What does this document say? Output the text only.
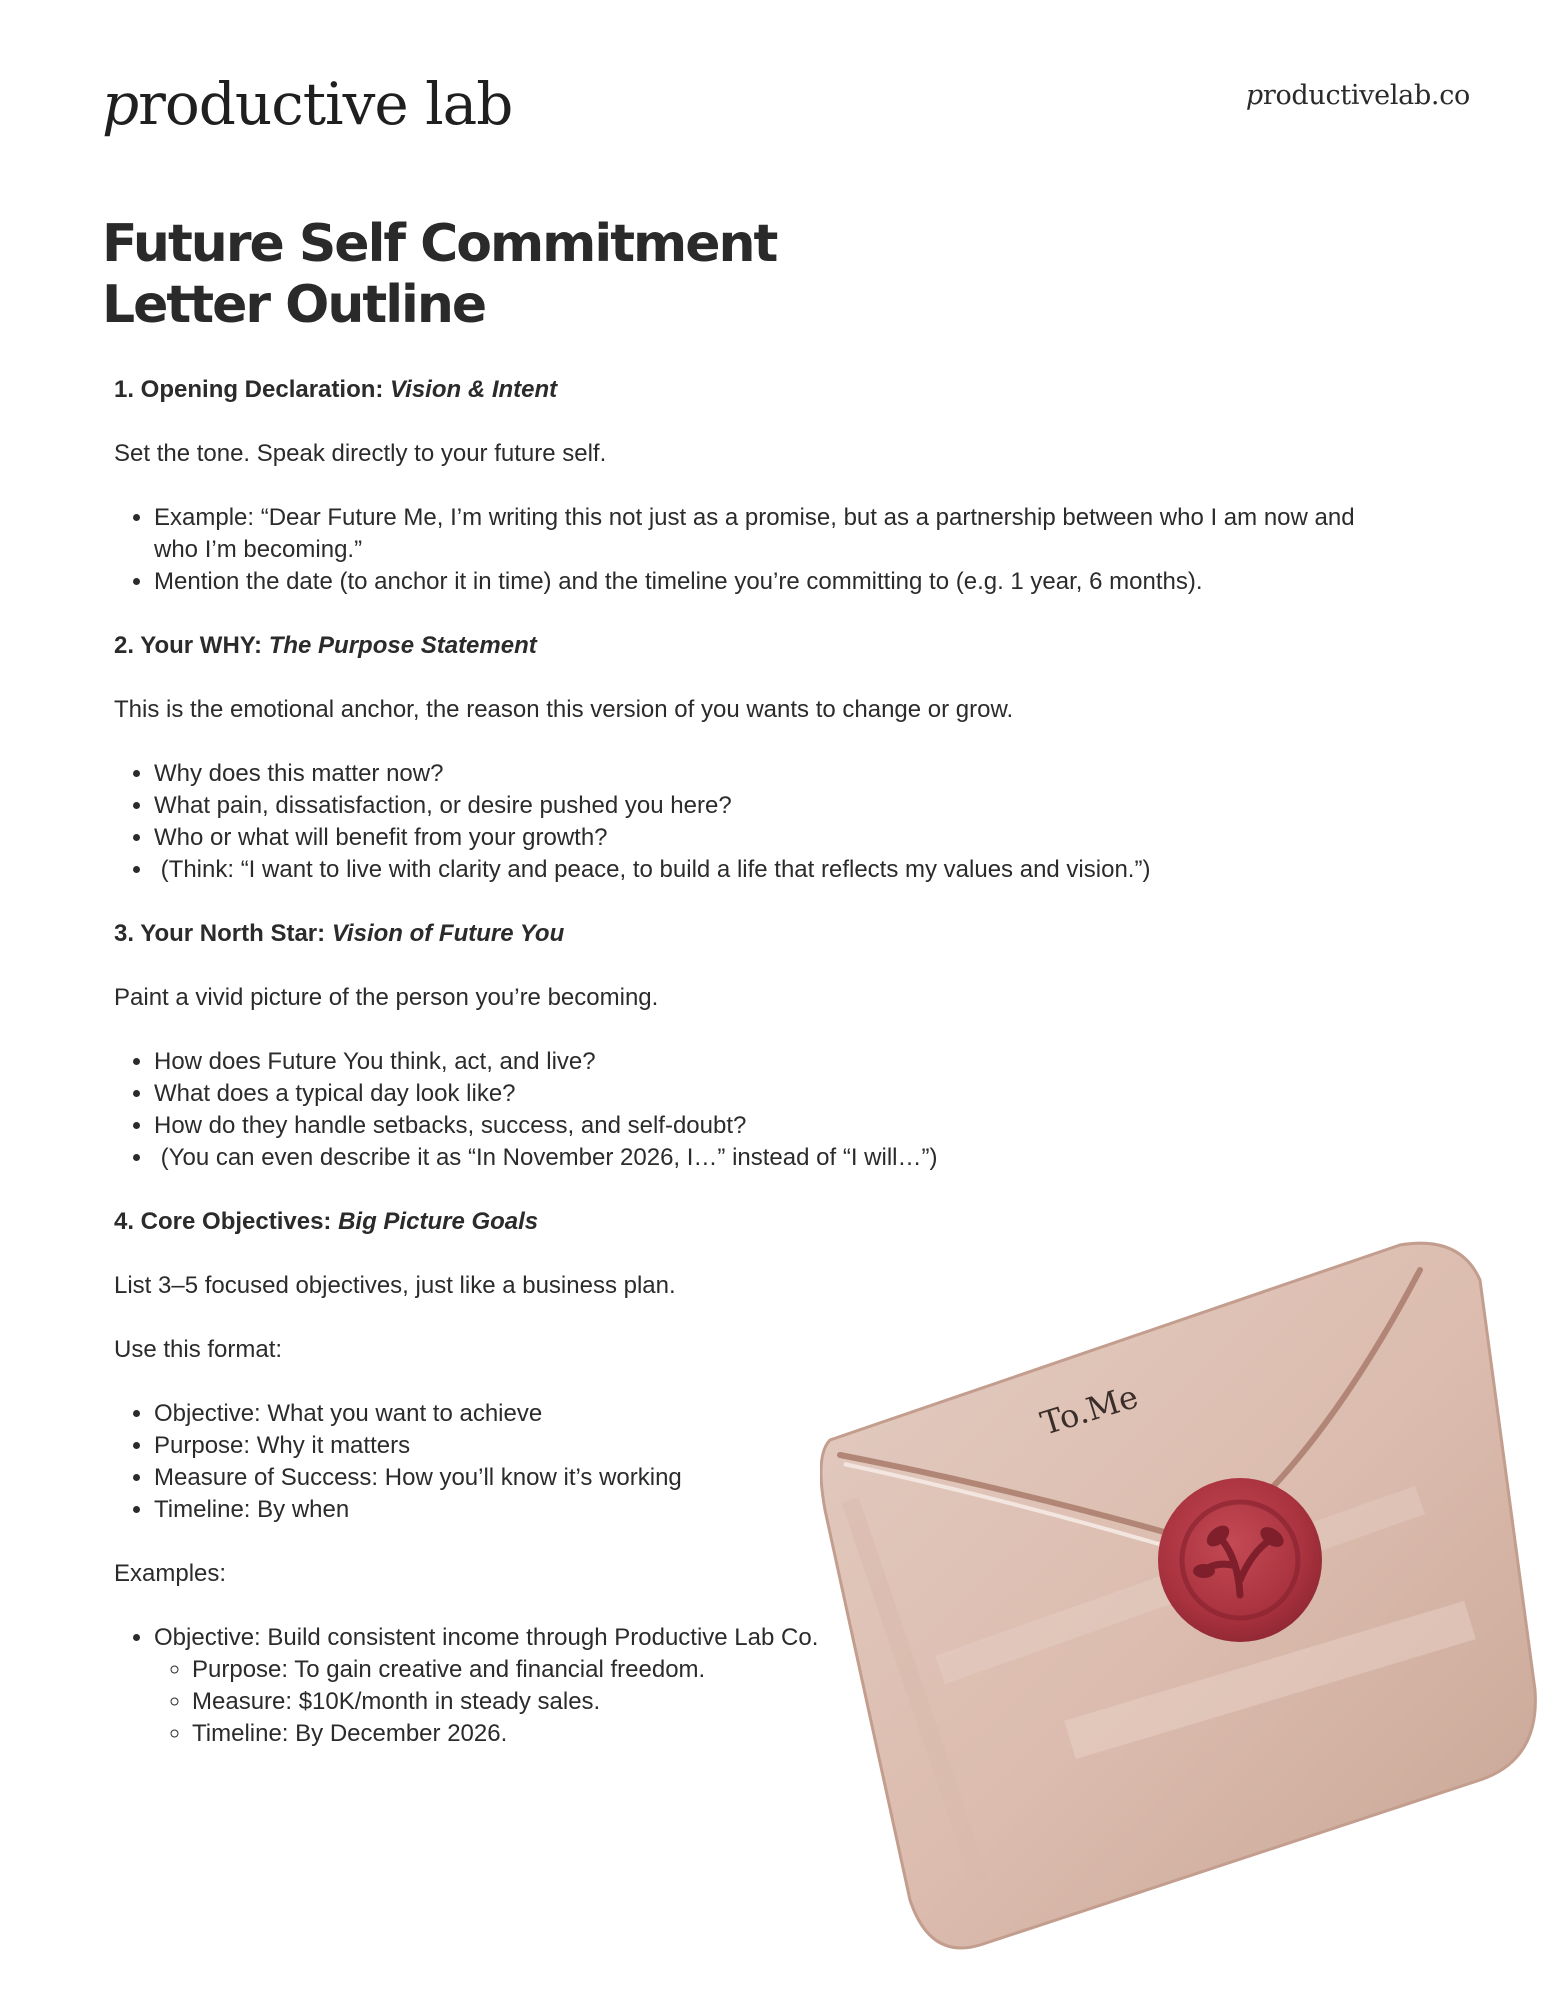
productive lab	productivelab.co
Future Self Commitment
Letter Outline
1. Opening Declaration: Vision & Intent

Set the tone. Speak directly to your future self.

• Example: “Dear Future Me, I’m writing this not just as a promise, but as a partnership between who I am now and who I’m becoming.”
• Mention the date (to anchor it in time) and the timeline you’re committing to (e.g. 1 year, 6 months).
2. Your WHY: The Purpose Statement

This is the emotional anchor, the reason this version of you wants to change or grow.

• Why does this matter now?
• What pain, dissatisfaction, or desire pushed you here?
• Who or what will benefit from your growth?
•  (Think: “I want to live with clarity and peace, to build a life that reflects my values and vision.”)
3. Your North Star: Vision of Future You

Paint a vivid picture of the person you’re becoming.

• How does Future You think, act, and live?
• What does a typical day look like?
• How do they handle setbacks, success, and self-doubt?
•  (You can even describe it as “In November 2026, I…” instead of “I will…”)
4. Core Objectives: Big Picture Goals

List 3–5 focused objectives, just like a business plan.

Use this format:

• Objective: What you want to achieve
• Purpose: Why it matters
• Measure of Success: How you’ll know it’s working
• Timeline: By when

Examples:

• Objective: Build consistent income through Productive Lab Co.
◦ Purpose: To gain creative and financial freedom.
◦ Measure: $10K/month in steady sales.
◦ Timeline: By December 2026.
To.Me
